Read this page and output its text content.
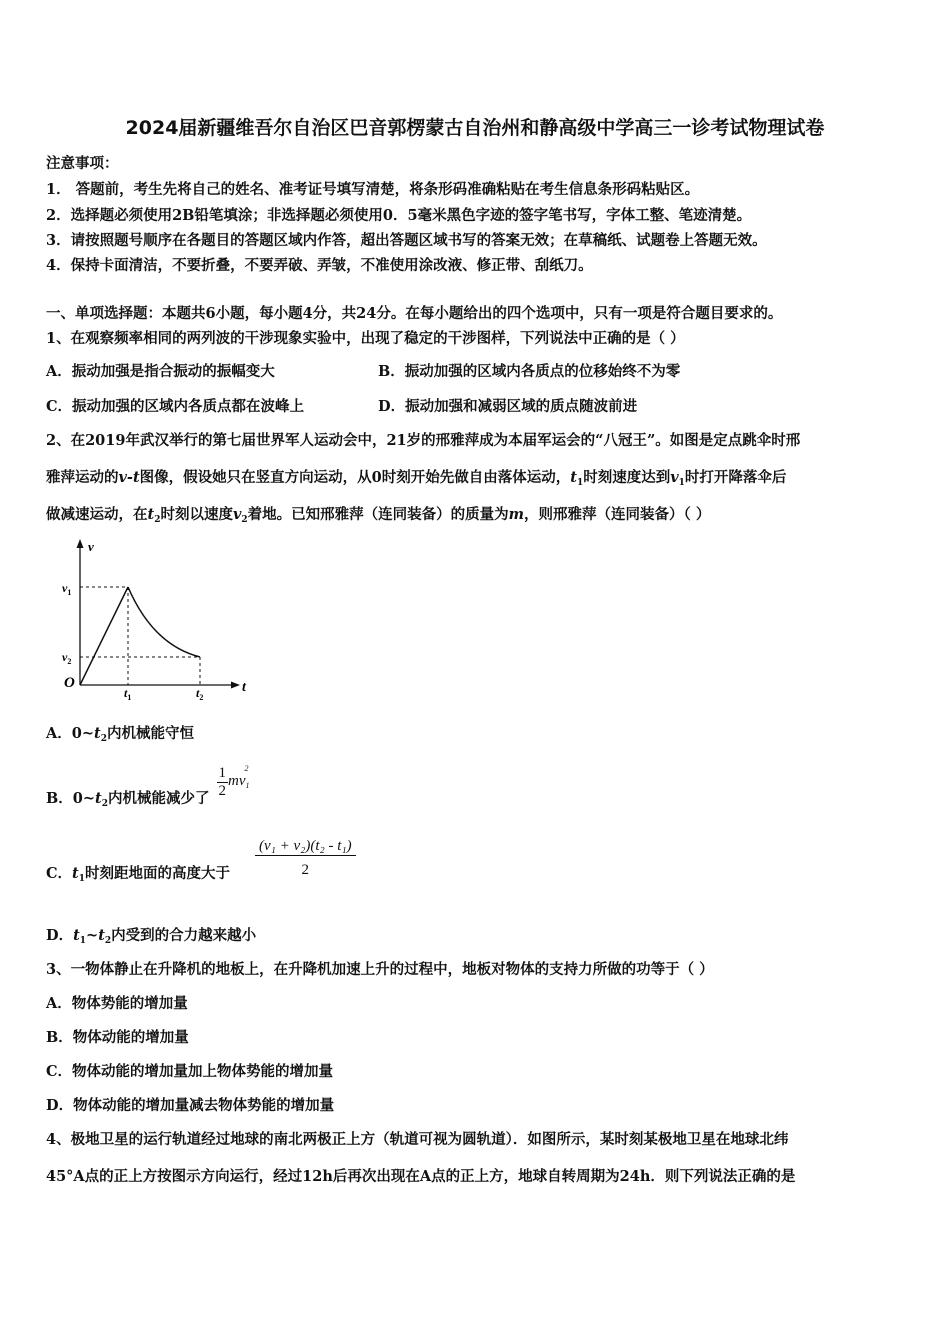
2024届新疆维吾尔自治区巴音郭楞蒙古自治州和静高级中学高三一诊考试物理试卷
注意事项：
1． 答题前，考生先将自己的姓名、准考证号填写清楚，将条形码准确粘贴在考生信息条形码粘贴区。
2．选择题必须使用2B铅笔填涂；非选择题必须使用0．5毫米黑色字迹的签字笔书写，字体工整、笔迹清楚。
3．请按照题号顺序在各题目的答题区域内作答，超出答题区域书写的答案无效；在草稿纸、试题卷上答题无效。
4．保持卡面清洁，不要折叠，不要弄破、弄皱，不准使用涂改液、修正带、刮纸刀。
一、单项选择题：本题共6小题，每小题4分，共24分。在每小题给出的四个选项中，只有一项是符合题目要求的。
1、在观察频率相同的两列波的干涉现象实验中，出现了稳定的干涉图样，下列说法中正确的是（ ）
A．振动加强是指合振动的振幅变大	B．振动加强的区域内各质点的位移始终不为零
C．振动加强的区域内各质点都在波峰上	D．振动加强和减弱区域的质点随波前进
2、在2019年武汉举行的第七届世界军人运动会中，21岁的邢雅萍成为本届军运会的“八冠王”。如图是定点跳伞时邢
雅萍运动的v-t图像，假设她只在竖直方向运动，从0时刻开始先做自由落体运动，$t_1$时刻速度达到$v_1$时打开降落伞后
做减速运动，在$t_2$时刻以速度$v_2$着地。已知邢雅萍（连同装备）的质量为m，则邢雅萍（连同装备）（ ）
v
t
O
$v_1$
$v_2$
$t_1$	$t_2$
A．$0\sim t_2$内机械能守恒
B．$0\sim t_2$内机械能减少了 $\frac{1}{2} mv_1^2$
C．$t_1$时刻距地面的高度大于 $\frac{\text{(v₁ + v₂)(t₂ - t₁)}}{2}$
D．$t_1\sim t_2$内受到的合力越来越小
3、一物体静止在升降机的地板上，在升降机加速上升的过程中，地板对物体的支持力所做的功等于（ ）
A．物体势能的增加量
B．物体动能的增加量
C．物体动能的增加量加上物体势能的增加量
D．物体动能的增加量减去物体势能的增加量
4、极地卫星的运行轨道经过地球的南北两极正上方（轨道可视为圆轨道）．如图所示，某时刻某极地卫星在地球北纬
45°A点的正上方按图示方向运行，经过12h后再次出现在A点的正上方，地球自转周期为24h．则下列说法正确的是
